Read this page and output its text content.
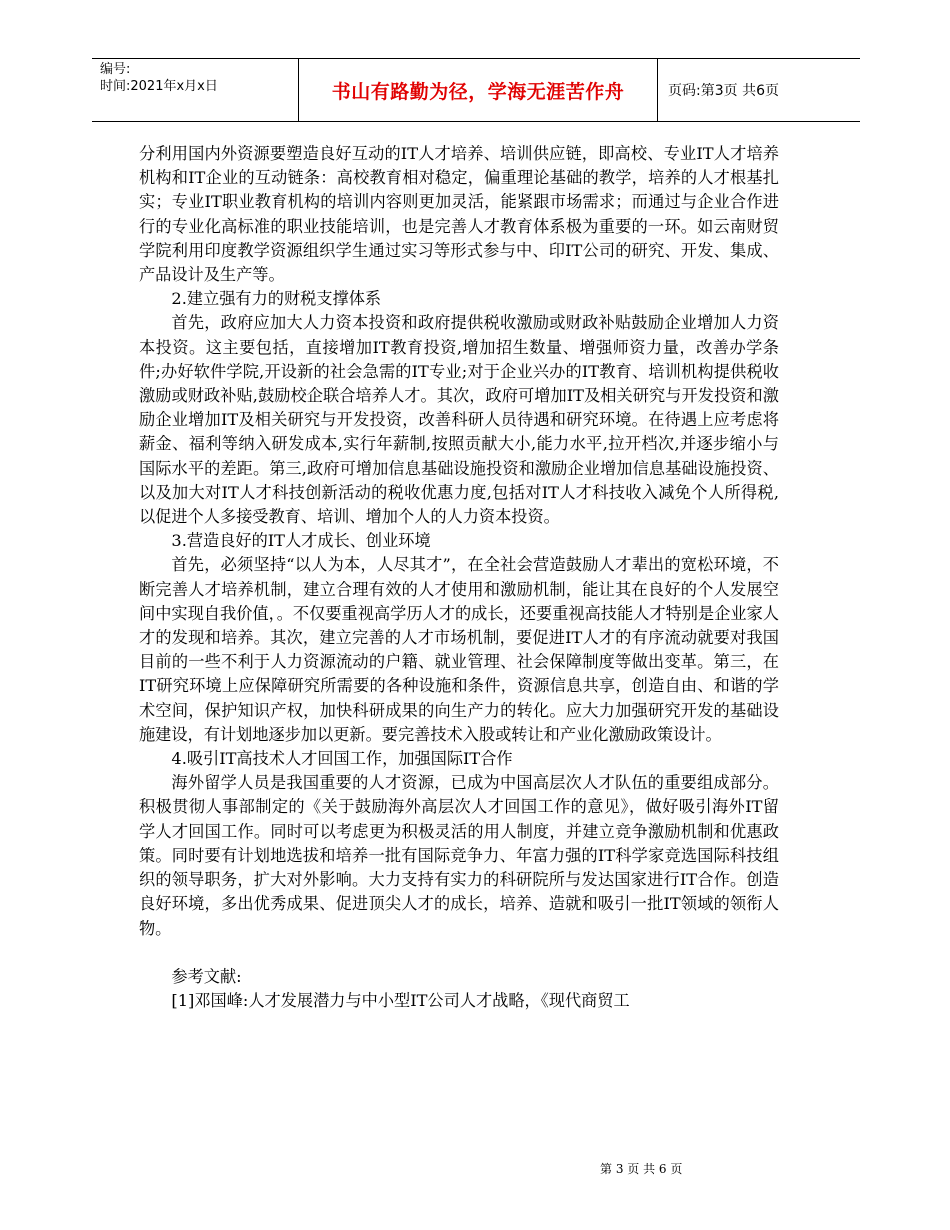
编号:
时间:2021年x月x日	书山有路勤为径，学海无涯苦作舟	页码:第3页 共6页

分利用国内外资源要塑造良好互动的IT人才培养、培训供应链，即高校、专业IT人才培养机构和IT企业的互动链条：高校教育相对稳定，偏重理论基础的教学，培养的人才根基扎实；专业IT职业教育机构的培训内容则更加灵活，能紧跟市场需求；而通过与企业合作进行的专业化高标准的职业技能培训，也是完善人才教育体系极为重要的一环。如云南财贸学院利用印度教学资源组织学生通过实习等形式参与中、印IT公司的研究、开发、集成、产品设计及生产等。

2.建立强有力的财税支撑体系

首先，政府应加大人力资本投资和政府提供税收激励或财政补贴鼓励企业增加人力资本投资。这主要包括，直接增加IT教育投资,增加招生数量、增强师资力量，改善办学条件;办好软件学院,开设新的社会急需的IT专业;对于企业兴办的IT教育、培训机构提供税收激励或财政补贴,鼓励校企联合培养人才。其次，政府可增加IT及相关研究与开发投资和激励企业增加IT及相关研究与开发投资，改善科研人员待遇和研究环境。在待遇上应考虑将薪金、福利等纳入研发成本,实行年薪制,按照贡献大小,能力水平,拉开档次,并逐步缩小与国际水平的差距。第三,政府可增加信息基础设施投资和激励企业增加信息基础设施投资、以及加大对IT人才科技创新活动的税收优惠力度,包括对IT人才科技收入减免个人所得税,以促进个人多接受教育、培训、增加个人的人力资本投资。

3.营造良好的IT人才成长、创业环境

首先，必须坚持“以人为本，人尽其才”，在全社会营造鼓励人才辈出的宽松环境，不断完善人才培养机制，建立合理有效的人才使用和激励机制，能让其在良好的个人发展空间中实现自我价值，。不仅要重视高学历人才的成长，还要重视高技能人才特别是企业家人才的发现和培养。其次，建立完善的人才市场机制，要促进IT人才的有序流动就要对我国目前的一些不利于人力资源流动的户籍、就业管理、社会保障制度等做出变革。第三，在IT研究环境上应保障研究所需要的各种设施和条件，资源信息共享，创造自由、和谐的学术空间，保护知识产权，加快科研成果的向生产力的转化。应大力加强研究开发的基础设施建设，有计划地逐步加以更新。要完善技术入股或转让和产业化激励政策设计。

4.吸引IT高技术人才回国工作，加强国际IT合作

海外留学人员是我国重要的人才资源，已成为中国高层次人才队伍的重要组成部分。积极贯彻人事部制定的《关于鼓励海外高层次人才回国工作的意见》，做好吸引海外IT留学人才回国工作。同时可以考虑更为积极灵活的用人制度，并建立竞争激励机制和优惠政策。同时要有计划地选拔和培养一批有国际竞争力、年富力强的IT科学家竞选国际科技组织的领导职务，扩大对外影响。大力支持有实力的科研院所与发达国家进行IT合作。创造良好环境，多出优秀成果、促进顶尖人才的成长，培养、造就和吸引一批IT领域的领衔人物。

参考文献:

[1]邓国峰:人才发展潜力与中小型IT公司人才战略，《现代商贸工

第 3 页 共 6 页
